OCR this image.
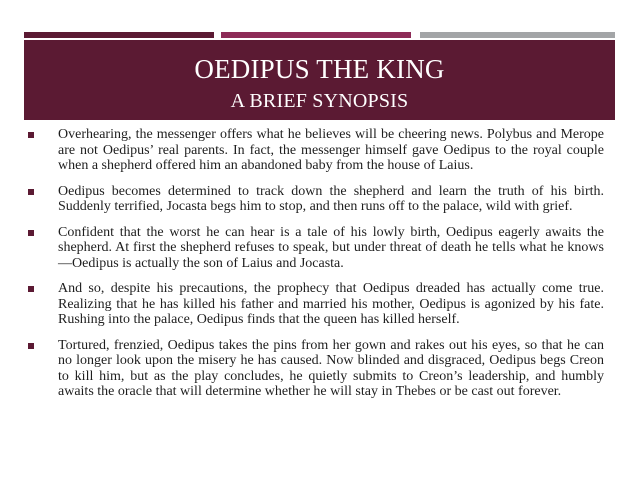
OEDIPUS THE KING
A BRIEF SYNOPSIS
Overhearing, the messenger offers what he believes will be cheering news. Polybus and Merope are not Oedipus’ real parents. In fact, the messenger himself gave Oedipus to the royal couple when a shepherd offered him an abandoned baby from the house of Laius.
Oedipus becomes determined to track down the shepherd and learn the truth of his birth. Suddenly terrified, Jocasta begs him to stop, and then runs off to the palace, wild with grief.
Confident that the worst he can hear is a tale of his lowly birth, Oedipus eagerly awaits the shepherd. At first the shepherd refuses to speak, but under threat of death he tells what he knows—Oedipus is actually the son of Laius and Jocasta.
And so, despite his precautions, the prophecy that Oedipus dreaded has actually come true. Realizing that he has killed his father and married his mother, Oedipus is agonized by his fate. Rushing into the palace, Oedipus finds that the queen has killed herself.
Tortured, frenzied, Oedipus takes the pins from her gown and rakes out his eyes, so that he can no longer look upon the misery he has caused. Now blinded and disgraced, Oedipus begs Creon to kill him, but as the play concludes, he quietly submits to Creon’s leadership, and humbly awaits the oracle that will determine whether he will stay in Thebes or be cast out forever.
